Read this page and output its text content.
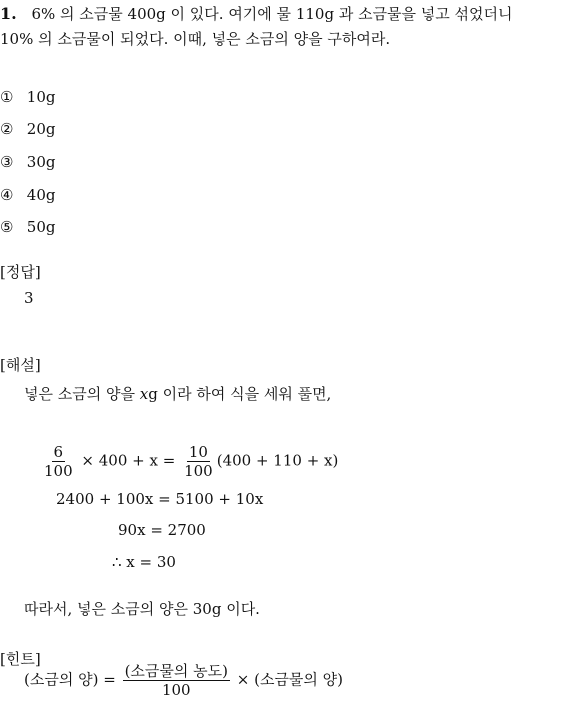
1. 6% 의 소금물 400g 이 있다. 여기에 물 110g 과 소금물을 넣고 섞었더니
10% 의 소금물이 되었다. 이때, 넣은 소금의 양을 구하여라.
① 10g
② 20g
③ 30g
④ 40g
⑤ 50g
[정답]
3
[해설]
넣은 소금의 양을 xg 이라 하여 식을 세워 풀면,
$\frac{6}{100} \times 400 + x = \frac{10}{100} (400 + 110 + x)$
2400 + 100x = 5100 + 10x
90x = 2700
∴ x = 30
따라서, 넣은 소금의 양은 30g 이다.
[힌트]
(소금의 양) = $\frac{\text{(소금물의 농도)}}{100}$ × (소금물의 양)
